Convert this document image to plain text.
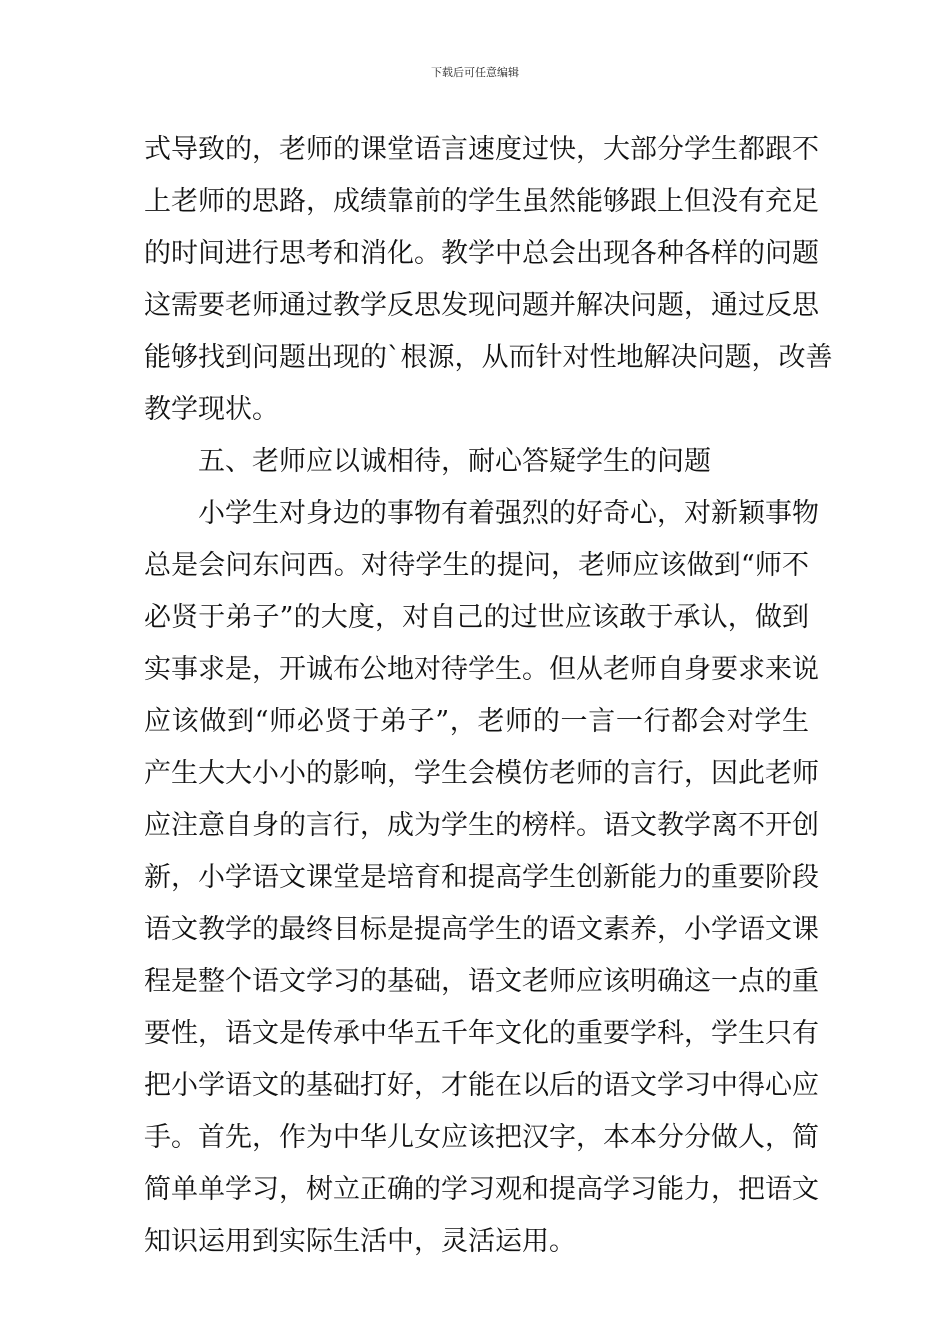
下载后可任意编辑
式导致的，老师的课堂语言速度过快，大部分学生都跟不
上老师的思路，成绩靠前的学生虽然能够跟上但没有充足
的时间进行思考和消化。教学中总会出现各种各样的问题
这需要老师通过教学反思发现问题并解决问题，通过反思
能够找到问题出现的`根源，从而针对性地解决问题，改善
教学现状。
五、老师应以诚相待，耐心答疑学生的问题
小学生对身边的事物有着强烈的好奇心，对新颖事物
总是会问东问西。对待学生的提问，老师应该做到“师不
必贤于弟子”的大度，对自己的过世应该敢于承认，做到
实事求是，开诚布公地对待学生。但从老师自身要求来说
应该做到“师必贤于弟子”，老师的一言一行都会对学生
产生大大小小的影响，学生会模仿老师的言行，因此老师
应注意自身的言行，成为学生的榜样。语文教学离不开创
新，小学语文课堂是培育和提高学生创新能力的重要阶段
语文教学的最终目标是提高学生的语文素养，小学语文课
程是整个语文学习的基础，语文老师应该明确这一点的重
要性，语文是传承中华五千年文化的重要学科，学生只有
把小学语文的基础打好，才能在以后的语文学习中得心应
手。首先，作为中华儿女应该把汉字，本本分分做人，简
简单单学习，树立正确的学习观和提高学习能力，把语文
知识运用到实际生活中，灵活运用。
